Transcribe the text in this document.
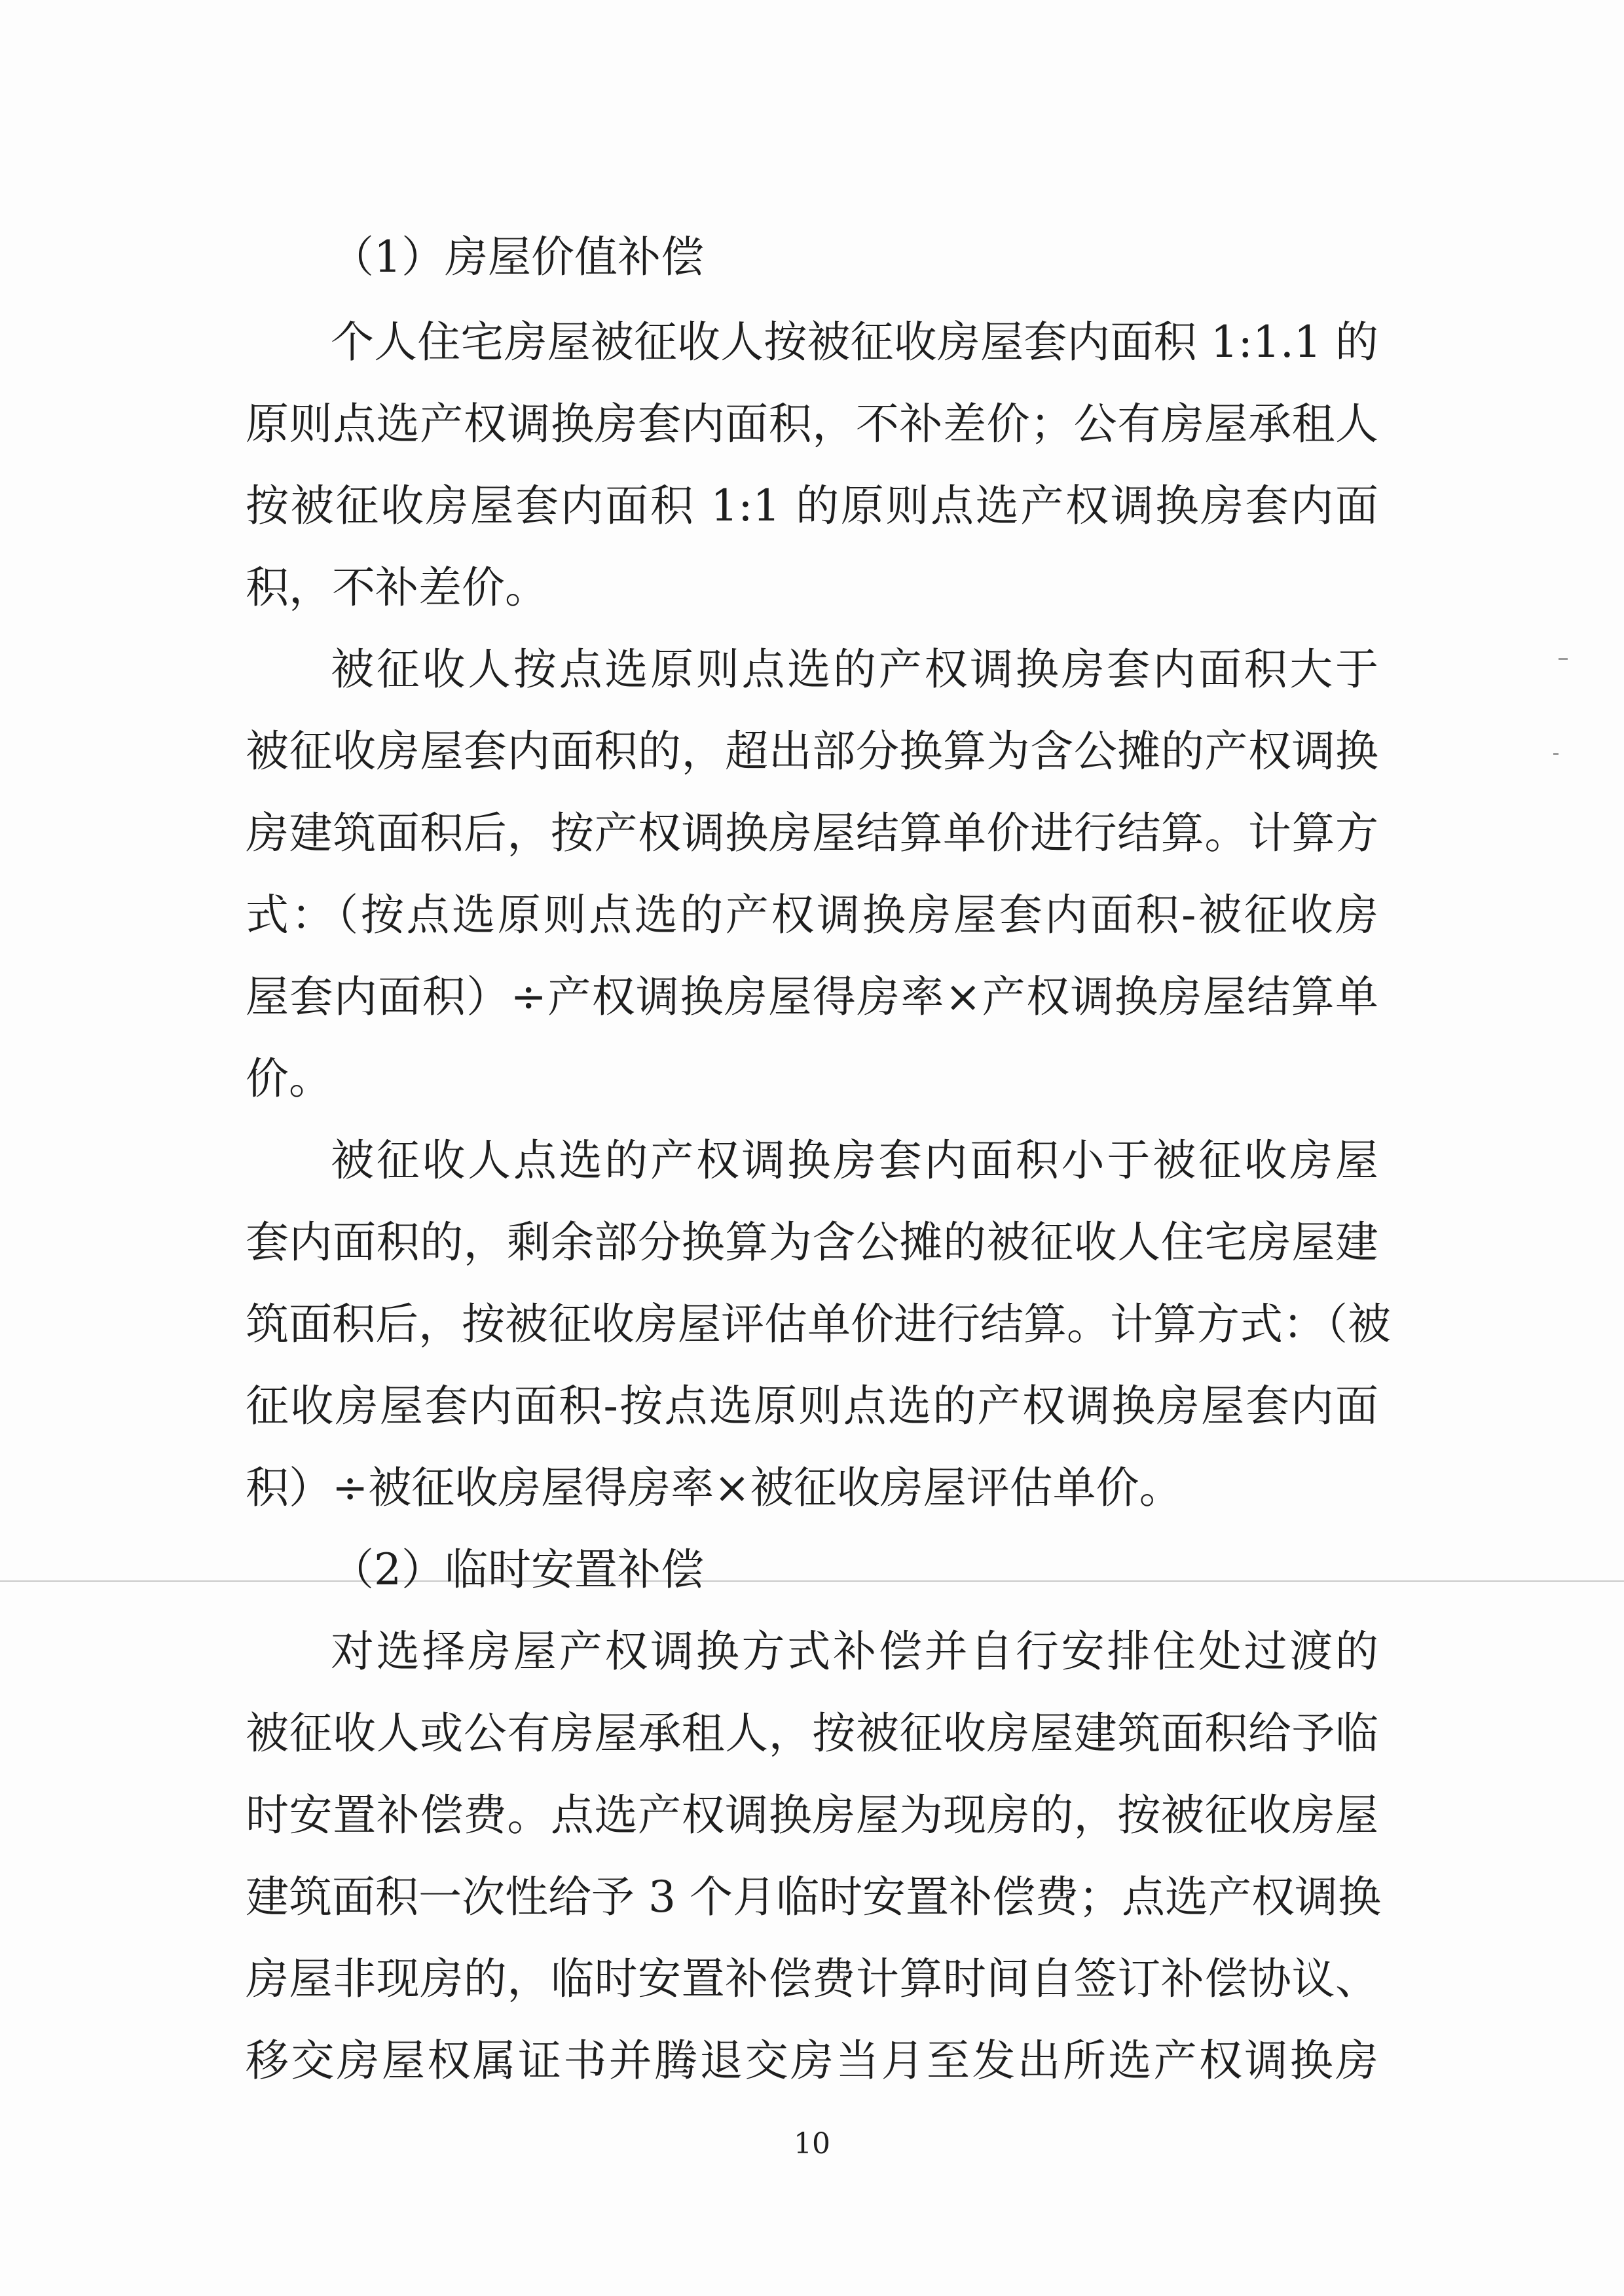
（1）房屋价值补偿
个人住宅房屋被征收人按被征收房屋套内面积 1:1.1 的
原则点选产权调换房套内面积，不补差价；公有房屋承租人
按被征收房屋套内面积 1:1 的原则点选产权调换房套内面
积，不补差价。
被征收人按点选原则点选的产权调换房套内面积大于
被征收房屋套内面积的，超出部分换算为含公摊的产权调换
房建筑面积后，按产权调换房屋结算单价进行结算。计算方
式：（按点选原则点选的产权调换房屋套内面积-被征收房
屋套内面积）÷产权调换房屋得房率×产权调换房屋结算单
价。
被征收人点选的产权调换房套内面积小于被征收房屋
套内面积的，剩余部分换算为含公摊的被征收人住宅房屋建
筑面积后，按被征收房屋评估单价进行结算。计算方式：（被
征收房屋套内面积-按点选原则点选的产权调换房屋套内面
积）÷被征收房屋得房率×被征收房屋评估单价。
（2）临时安置补偿
对选择房屋产权调换方式补偿并自行安排住处过渡的
被征收人或公有房屋承租人，按被征收房屋建筑面积给予临
时安置补偿费。点选产权调换房屋为现房的，按被征收房屋
建筑面积一次性给予 3 个月临时安置补偿费；点选产权调换
房屋非现房的，临时安置补偿费计算时间自签订补偿协议、
移交房屋权属证书并腾退交房当月至发出所选产权调换房
10
